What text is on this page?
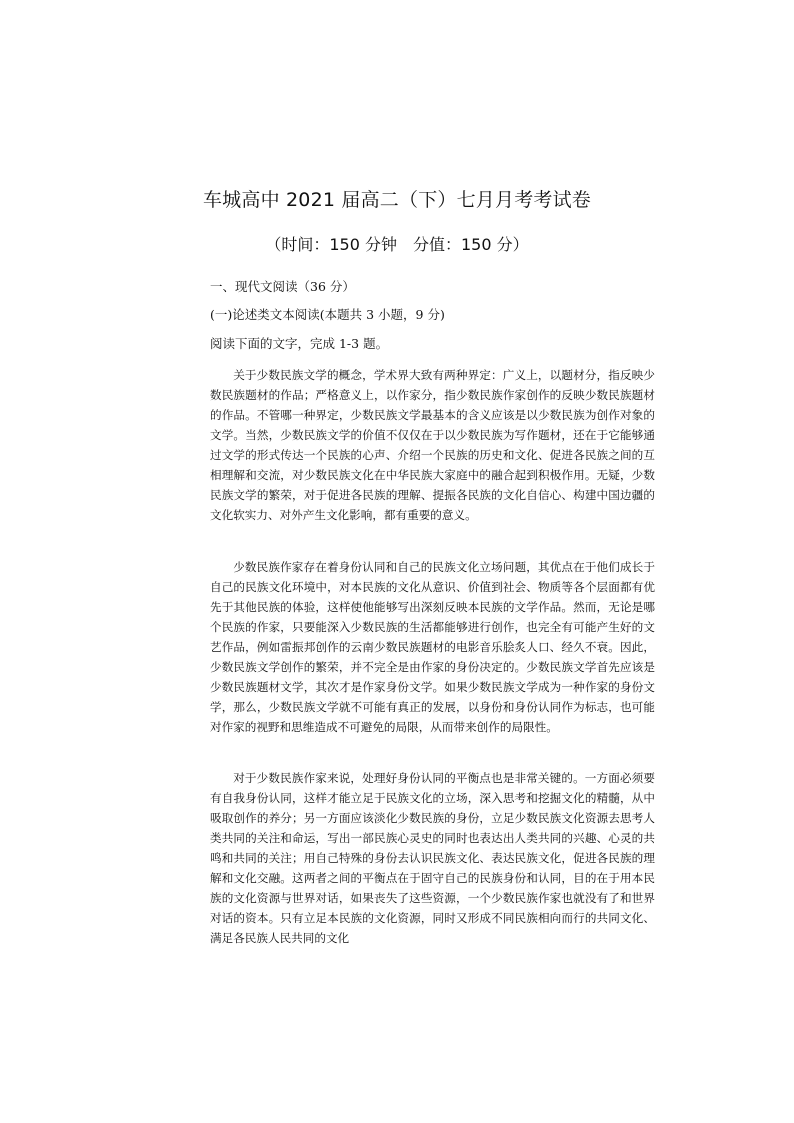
车城高中 2021 届高二（下）七月月考考试卷
（时间：150 分钟　分值：150 分）
一、现代文阅读（36 分）
(一)论述类文本阅读(本题共 3 小题，9 分)
阅读下面的文字，完成 1-3 题。

关于少数民族文学的概念，学术界大致有两种界定：广义上，以题材分，指反映少数民族题材的作品；严格意义上，以作家分，指少数民族作家创作的反映少数民族题材的作品。不管哪一种界定，少数民族文学最基本的含义应该是以少数民族为创作对象的文学。当然，少数民族文学的价值不仅仅在于以少数民族为写作题材，还在于它能够通过文学的形式传达一个民族的心声、介绍一个民族的历史和文化、促进各民族之间的互相理解和交流，对少数民族文化在中华民族大家庭中的融合起到积极作用。无疑，少数民族文学的繁荣，对于促进各民族的理解、提振各民族的文化自信心、构建中国边疆的文化软实力、对外产生文化影响，都有重要的意义。

少数民族作家存在着身份认同和自己的民族文化立场问题，其优点在于他们成长于自己的民族文化环境中，对本民族的文化从意识、价值到社会、物质等各个层面都有优先于其他民族的体验，这样使他能够写出深刻反映本民族的文学作品。然而，无论是哪个民族的作家，只要能深入少数民族的生活都能够进行创作，也完全有可能产生好的文艺作品，例如雷振邦创作的云南少数民族题材的电影音乐脍炙人口、经久不衰。因此，少数民族文学创作的繁荣，并不完全是由作家的身份决定的。少数民族文学首先应该是少数民族题材文学，其次才是作家身份文学。如果少数民族文学成为一种作家的身份文学，那么，少数民族文学就不可能有真正的发展，以身份和身份认同作为标志，也可能对作家的视野和思维造成不可避免的局限，从而带来创作的局限性。

对于少数民族作家来说，处理好身份认同的平衡点也是非常关键的。一方面必须要有自我身份认同，这样才能立足于民族文化的立场，深入思考和挖掘文化的精髓，从中吸取创作的养分；另一方面应该淡化少数民族的身份，立足少数民族文化资源去思考人类共同的关注和命运，写出一部民族心灵史的同时也表达出人类共同的兴趣、心灵的共鸣和共同的关注；用自己特殊的身份去认识民族文化、表达民族文化，促进各民族的理解和文化交融。这两者之间的平衡点在于固守自己的民族身份和认同，目的在于用本民族的文化资源与世界对话，如果丧失了这些资源，一个少数民族作家也就没有了和世界对话的资本。只有立足本民族的文化资源，同时又形成不同民族相向而行的共同文化、满足各民族人民共同的文化
